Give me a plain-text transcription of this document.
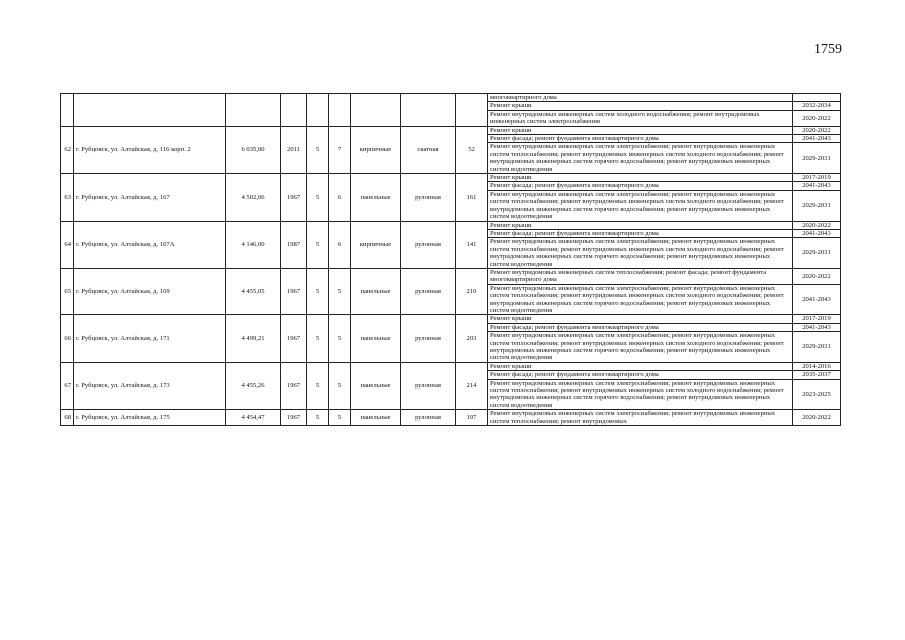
1759
									многоквартирного дома	
									Ремонт крыши	2032-2034
									Ремонт внутридомовых инженерных систем холодного водоснабжения; ремонт внутридомовых инженерных систем электроснабжения	2020-2022
62	г. Рубцовск, ул. Алтайская, д. 116 корп. 2	6 035,00	2011	5	7	кирпичные	скатная	52	Ремонт крыши	2020-2022
									Ремонт фасада; ремонт фундамента многоквартирного дома	2041-2043
									Ремонт внутридомовых инженерных систем электроснабжения; ремонт внутридомовых инженерных систем теплоснабжения; ремонт внутридомовых инженерных систем холодного водоснабжения; ремонт внутридомовых инженерных систем горячего водоснабжения; ремонт внутридомовых инженерных систем водоотведения	2029-2031
63	г. Рубцовск, ул. Алтайская, д. 167	4 502,06	1967	5	6	панельные	рулонная	161	Ремонт крыши	2017-2019
									Ремонт фасада; ремонт фундамента многоквартирного дома	2041-2043
									Ремонт внутридомовых инженерных систем электроснабжения; ремонт внутридомовых инженерных систем теплоснабжения; ремонт внутридомовых инженерных систем холодного водоснабжения; ремонт внутридомовых инженерных систем горячего водоснабжения; ремонт внутридомовых инженерных систем водоотведения	2029-2031
64	г. Рубцовск, ул. Алтайская, д. 167А	4 146,00	1987	5	6	кирпичные	рулонная	141	Ремонт крыши	2020-2022
									Ремонт фасада; ремонт фундамента многоквартирного дома	2041-2043
									Ремонт внутридомовых инженерных систем электроснабжения; ремонт внутридомовых инженерных систем теплоснабжения; ремонт внутридомовых инженерных систем холодного водоснабжения; ремонт внутридомовых инженерных систем горячего водоснабжения; ремонт внутридомовых инженерных систем водоотведения	2029-2031
65	г. Рубцовск, ул. Алтайская, д. 169	4 455,05	1967	5	5	панельные	рулонная	210	Ремонт внутридомовых инженерных систем теплоснабжения; ремонт фасада; ремонт фундамента многоквартирного дома	2020-2022
									Ремонт внутридомовых инженерных систем электроснабжения; ремонт внутридомовых инженерных систем теплоснабжения; ремонт внутридомовых инженерных систем холодного водоснабжения; ремонт внутридомовых инженерных систем горячего водоснабжения; ремонт внутридомовых инженерных систем водоотведения	2041-2043
66	г. Рубцовск, ул. Алтайская, д. 171	4 499,21	1967	5	5	панельные	рулонная	203	Ремонт крыши	2017-2019
									Ремонт фасада; ремонт фундамента многоквартирного дома	2041-2043
									Ремонт внутридомовых инженерных систем электроснабжения; ремонт внутридомовых инженерных систем теплоснабжения; ремонт внутридомовых инженерных систем холодного водоснабжения; ремонт внутридомовых инженерных систем горячего водоснабжения; ремонт внутридомовых инженерных систем водоотведения	2029-2031
67	г. Рубцовск, ул. Алтайская, д. 173	4 455,26	1967	5	5	панельные	рулонная	214	Ремонт крыши	2014-2016
									Ремонт фасада; ремонт фундамента многоквартирного дома	2035-2037
									Ремонт внутридомовых инженерных систем электроснабжения; ремонт внутридомовых инженерных систем теплоснабжения; ремонт внутридомовых инженерных систем холодного водоснабжения; ремонт внутридомовых инженерных систем горячего водоснабжения; ремонт внутридомовых инженерных систем водоотведения	2023-2025
68	г. Рубцовск, ул. Алтайская, д. 175	4 454,47	1967	5	5	панельные	рулонная	197	Ремонт внутридомовых инженерных систем электроснабжения; ремонт внутридомовых инженерных систем теплоснабжения; ремонт внутридомовых	2020-2022
